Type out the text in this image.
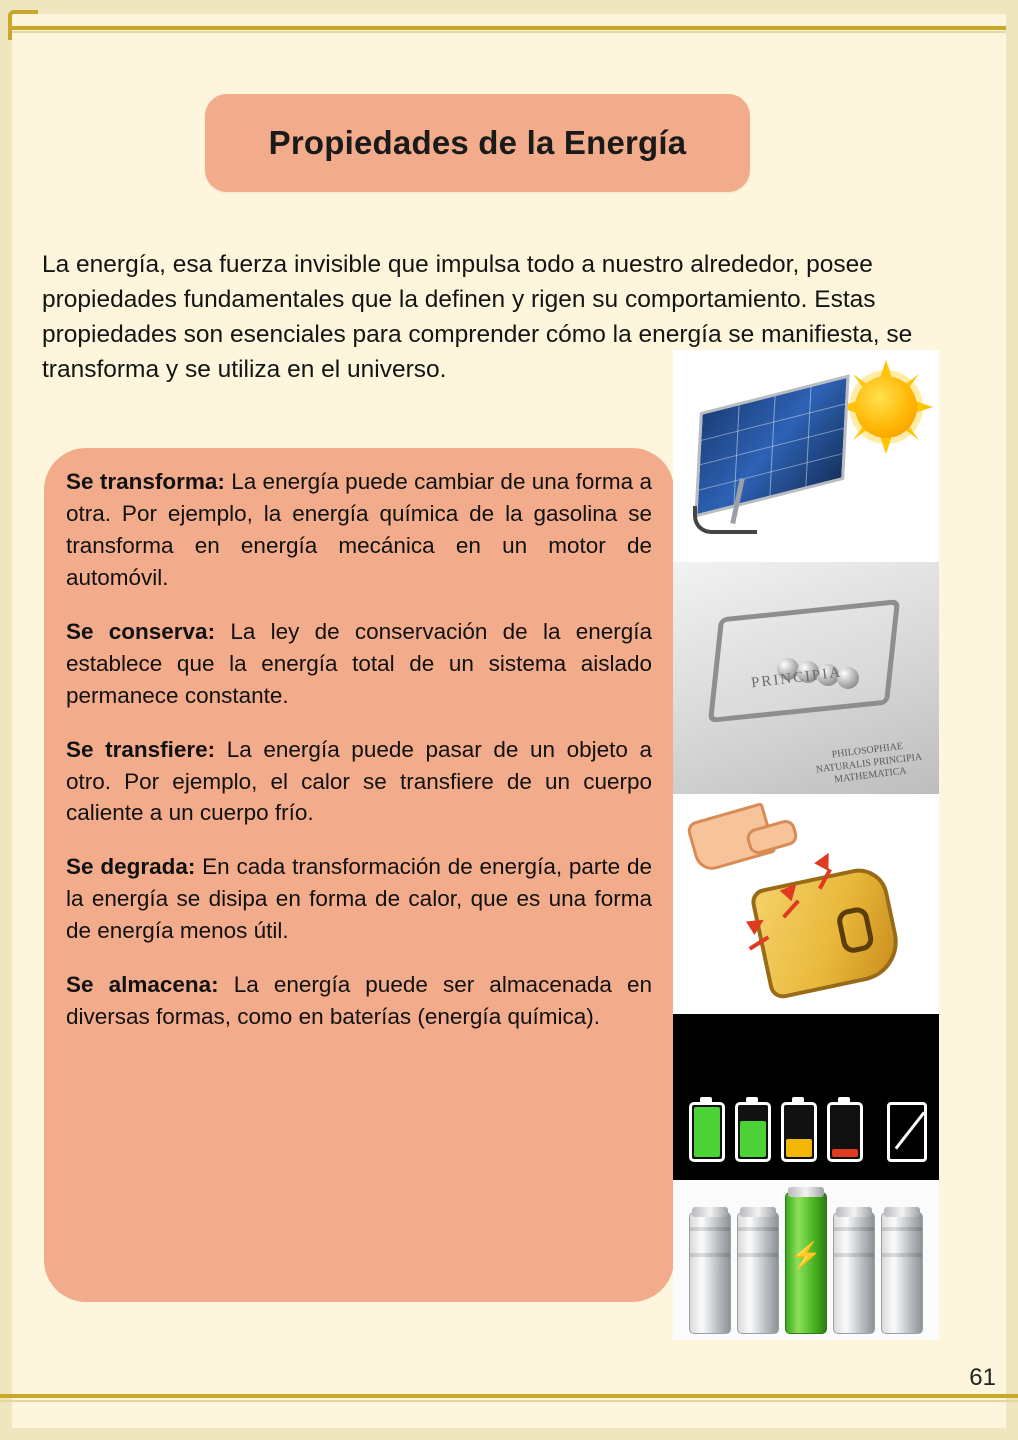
Propiedades de la Energía

La energía, esa fuerza invisible que impulsa todo a nuestro alrededor, posee propiedades fundamentales que la definen y rigen su comportamiento. Estas propiedades son esenciales para comprender cómo la energía se manifiesta, se transforma y se utiliza en el universo.

Se transforma: La energía puede cambiar de una forma a otra. Por ejemplo, la energía química de la gasolina se transforma en energía mecánica en un motor de automóvil.

Se conserva: La ley de conservación de la energía establece que la energía total de un sistema aislado permanece constante.

Se transfiere: La energía puede pasar de un objeto a otro. Por ejemplo, el calor se transfiere de un cuerpo caliente a un cuerpo frío.

Se degrada: En cada transformación de energía, parte de la energía se disipa en forma de calor, que es una forma de energía menos útil.

Se almacena: La energía puede ser almacenada en diversas formas, como en baterías (energía química).

PRINCIPIA
PHILOSOPHIAE NATURALIS PRINCIPIA MATHEMATICA
⚡
61
